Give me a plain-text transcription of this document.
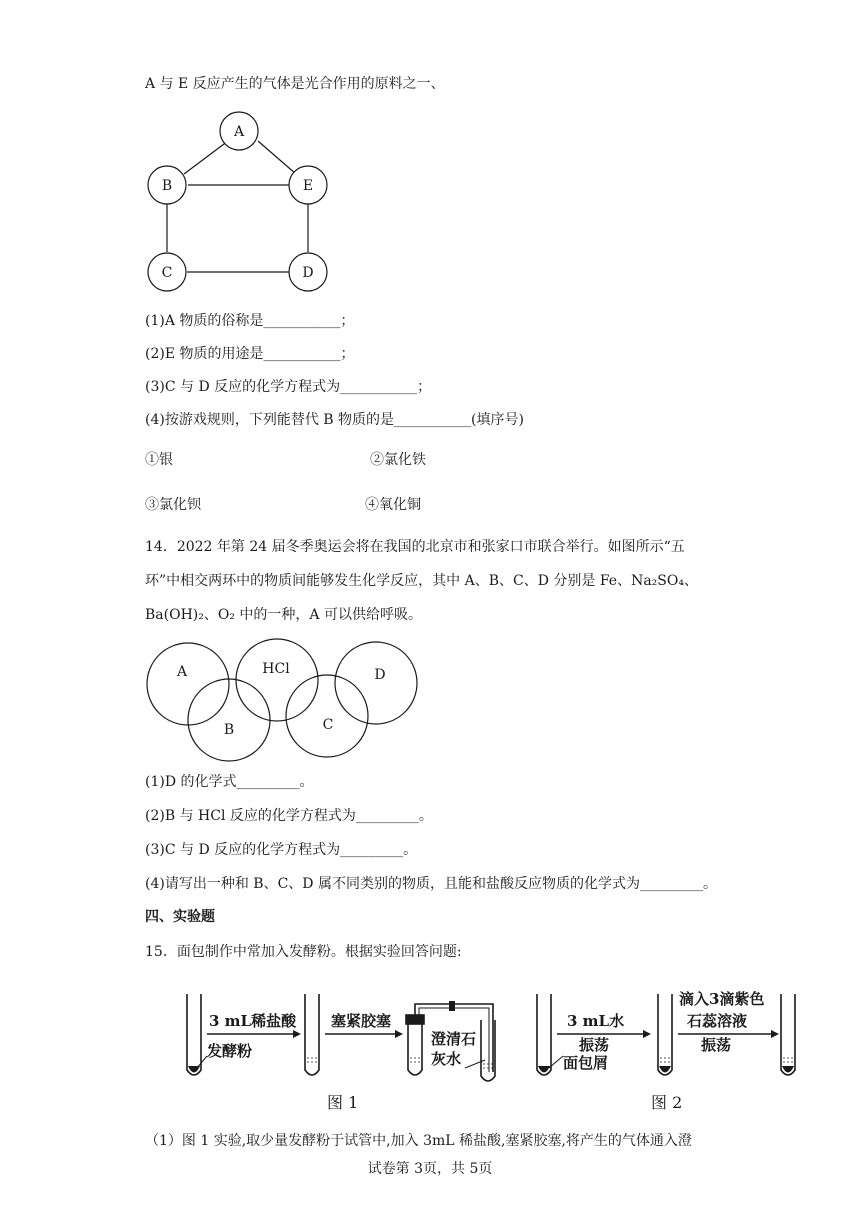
A 与 E 反应产生的气体是光合作用的原料之一、
A
B	E
C	D
(1)A 物质的俗称是___________；
(2)E 物质的用途是___________；
(3)C 与 D 反应的化学方程式为___________；
(4)按游戏规则，下列能替代 B 物质的是___________(填序号)
①银	②氯化铁
③氯化钡	④氧化铜
14．2022 年第 24 届冬季奥运会将在我国的北京市和张家口市联合举行。如图所示“五
环”中相交两环中的物质间能够发生化学反应，其中 A、B、C、D 分别是 Fe、Na₂SO₄、
Ba(OH)₂、O₂ 中的一种，A 可以供给呼吸。
A	HCl	D
B	C
(1)D 的化学式_________。
(2)B 与 HCl 反应的化学方程式为_________。
(3)C 与 D 反应的化学方程式为_________。
(4)请写出一种和 B、C、D 属不同类别的物质，且能和盐酸反应物质的化学式为_________。
四、实验题
15．面包制作中常加入发酵粉。根据实验回答问题:
3 mL稀盐酸
发酵粉
塞紧胶塞
澄清石
灰水
3 mL水
振荡
面包屑
滴入3滴紫色
石蕊溶液
振荡
图 1	图 2
（1）图 1 实验,取少量发酵粉于试管中,加入 3mL 稀盐酸,塞紧胶塞,将产生的气体通入澄
试卷第 3页，共 5页
